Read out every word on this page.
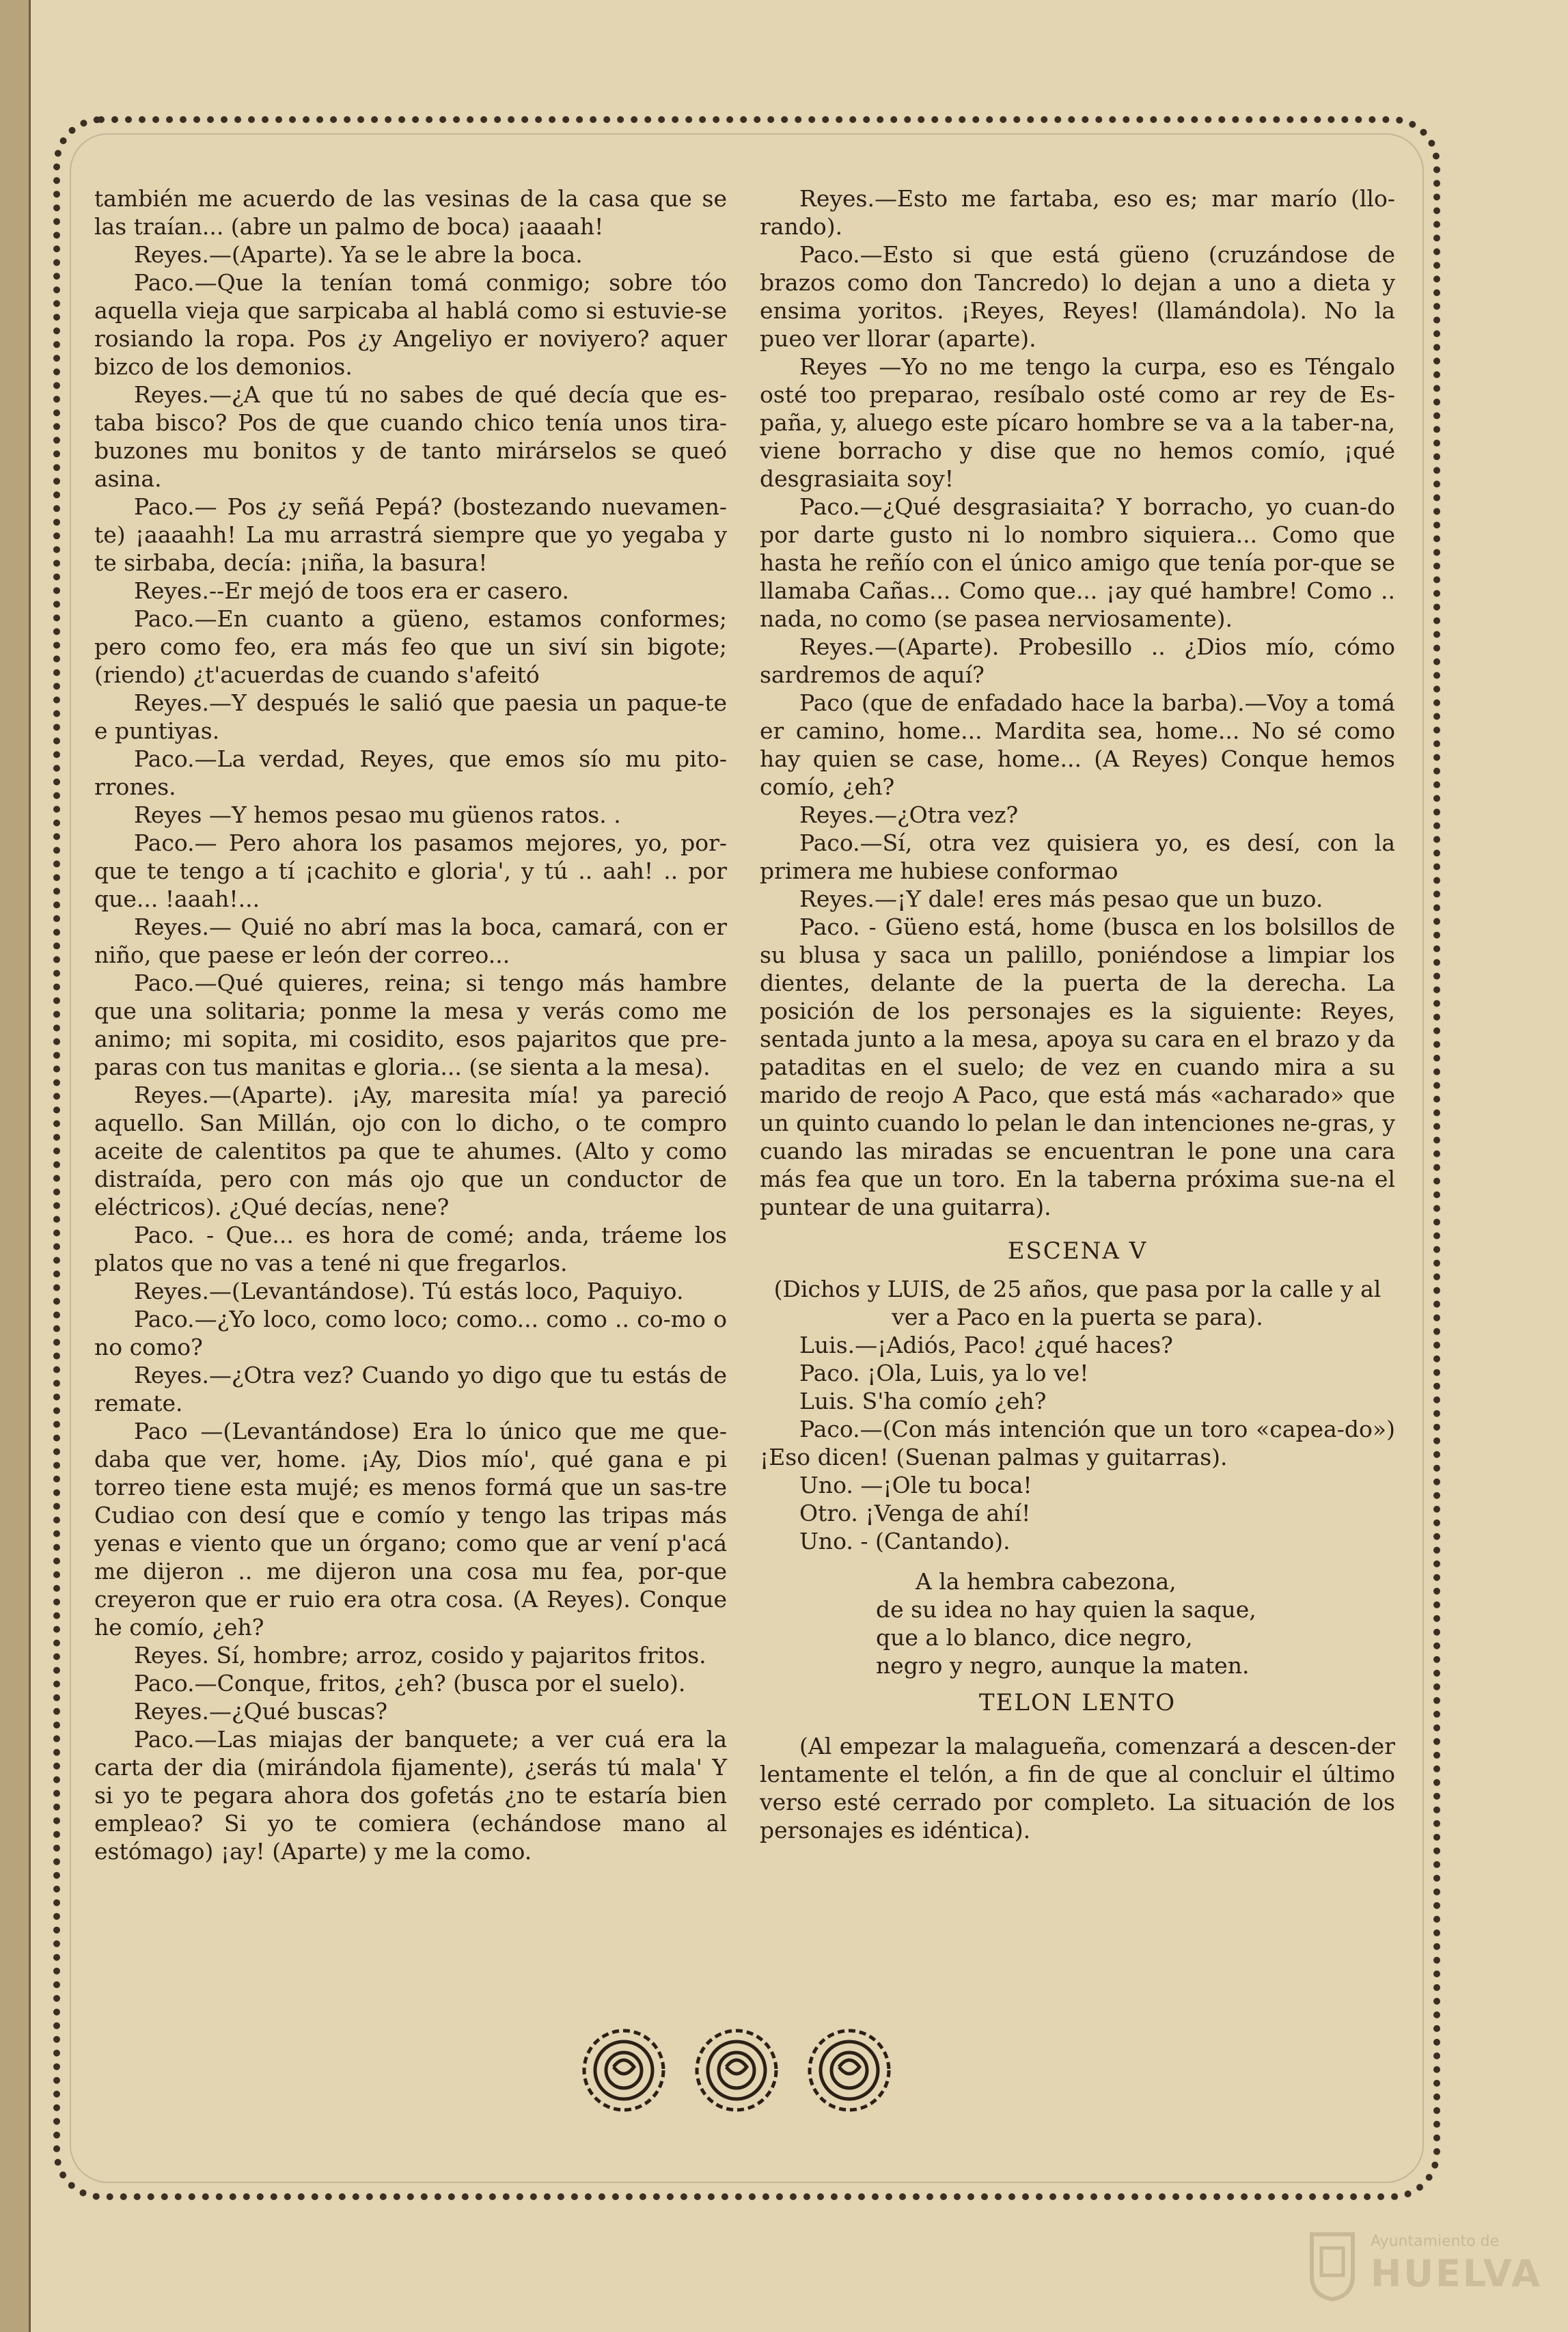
también me acuerdo de las vesinas de la casa que se las traían... (abre un palmo de boca) ¡aaaah!

Reyes.—(Aparte). Ya se le abre la boca.

Paco.—Que la tenían tomá conmigo; sobre tóo aquella vieja que sarpicaba al hablá como si estuvie-se rosiando la ropa. Pos ¿y Angeliyo er noviyero? aquer bizco de los demonios.

Reyes.—¿A que tú no sabes de qué decía que es-taba bisco? Pos de que cuando chico tenía unos tira-buzones mu bonitos y de tanto mirárselos se queó asina.

Paco.— Pos ¿y señá Pepá? (bostezando nuevamen-te) ¡aaaahh! La mu arrastrá siempre que yo yegaba y te sirbaba, decía: ¡niña, la basura!

Reyes.--Er mejó de toos era er casero.

Paco.—En cuanto a güeno, estamos conformes; pero como feo, era más feo que un siví sin bigote; (riendo) ¿t'acuerdas de cuando s'afeitó

Reyes.—Y después le salió que paesia un paque-te e puntiyas.

Paco.—La verdad, Reyes, que emos sío mu pito-rrones.

Reyes —Y hemos pesao mu güenos ratos. .

Paco.— Pero ahora los pasamos mejores, yo, por-que te tengo a tí ¡cachito e gloria', y tú .. aah! .. por que... !aaah!...

Reyes.— Quié no abrí mas la boca, camará, con er niño, que paese er león der correo...

Paco.—Qué quieres, reina; si tengo más hambre que una solitaria; ponme la mesa y verás como me animo; mi sopita, mi cosidito, esos pajaritos que pre-paras con tus manitas e gloria... (se sienta a la mesa).

Reyes.—(Aparte). ¡Ay, maresita mía! ya pareció aquello. San Millán, ojo con lo dicho, o te compro aceite de calentitos pa que te ahumes. (Alto y como distraída, pero con más ojo que un conductor de eléctricos). ¿Qué decías, nene?

Paco. - Que... es hora de comé; anda, tráeme los platos que no vas a tené ni que fregarlos.

Reyes.—(Levantándose). Tú estás loco, Paquiyo.

Paco.—¿Yo loco, como loco; como... como .. co-mo o no como?

Reyes.—¿Otra vez? Cuando yo digo que tu estás de remate.

Paco —(Levantándose) Era lo único que me que-daba que ver, home. ¡Ay, Dios mío', qué gana e pi torreo tiene esta mujé; es menos formá que un sas-tre Cudiao con desí que e comío y tengo las tripas más yenas e viento que un órgano; como que ar vení p'acá me dijeron .. me dijeron una cosa mu fea, por-que creyeron que er ruio era otra cosa. (A Reyes). Conque he comío, ¿eh?

Reyes. Sí, hombre; arroz, cosido y pajaritos fritos.

Paco.—Conque, fritos, ¿eh? (busca por el suelo).

Reyes.—¿Qué buscas?

Paco.—Las miajas der banquete; a ver cuá era la carta der dia (mirándola fijamente), ¿serás tú mala' Y si yo te pegara ahora dos gofetás ¿no te estaría bien empleao? Si yo te comiera (echándose mano al estómago) ¡ay! (Aparte) y me la como.

Reyes.—Esto me fartaba, eso es; mar marío (llo-rando).

Paco.—Esto si que está güeno (cruzándose de brazos como don Tancredo) lo dejan a uno a dieta y ensima yoritos. ¡Reyes, Reyes! (llamándola). No la pueo ver llorar (aparte).

Reyes —Yo no me tengo la curpa, eso es Téngalo osté too preparao, resíbalo osté como ar rey de Es-paña, y, aluego este pícaro hombre se va a la taber-na, viene borracho y dise que no hemos comío, ¡qué desgrasiaita soy!

Paco.—¿Qué desgrasiaita? Y borracho, yo cuan-do por darte gusto ni lo nombro siquiera... Como que hasta he reñío con el único amigo que tenía por-que se llamaba Cañas... Como que... ¡ay qué hambre! Como .. nada, no como (se pasea nerviosamente).

Reyes.—(Aparte). Probesillo .. ¿Dios mío, cómo sardremos de aquí?

Paco (que de enfadado hace la barba).—Voy a tomá er camino, home... Mardita sea, home... No sé como hay quien se case, home... (A Reyes) Conque hemos comío, ¿eh?

Reyes.—¿Otra vez?

Paco.—Sí, otra vez quisiera yo, es desí, con la primera me hubiese conformao

Reyes.—¡Y dale! eres más pesao que un buzo.

Paco. - Güeno está, home (busca en los bolsillos de su blusa y saca un palillo, poniéndose a limpiar los dientes, delante de la puerta de la derecha. La posición de los personajes es la siguiente: Reyes, sentada junto a la mesa, apoya su cara en el brazo y da pataditas en el suelo; de vez en cuando mira a su marido de reojo A Paco, que está más «acharado» que un quinto cuando lo pelan le dan intenciones ne-gras, y cuando las miradas se encuentran le pone una cara más fea que un toro. En la taberna próxima sue-na el puntear de una guitarra).

ESCENA V

(Dichos y LUIS, de 25 años, que pasa por la calle y al ver a Paco en la puerta se para).

Luis.—¡Adiós, Paco! ¿qué haces?

Paco. ¡Ola, Luis, ya lo ve!

Luis. S'ha comío ¿eh?

Paco.—(Con más intención que un toro «capea-do») ¡Eso dicen! (Suenan palmas y guitarras).

Uno. —¡Ole tu boca!

Otro. ¡Venga de ahí!

Uno. - (Cantando).

A la hembra cabezona,
de su idea no hay quien la saque,
que a lo blanco, dice negro,
negro y negro, aunque la maten.
TELON LENTO

(Al empezar la malagueña, comenzará a descen-der lentamente el telón, a fin de que al concluir el último verso esté cerrado por completo. La situación de los personajes es idéntica).

Ayuntamiento de
HUELVA
